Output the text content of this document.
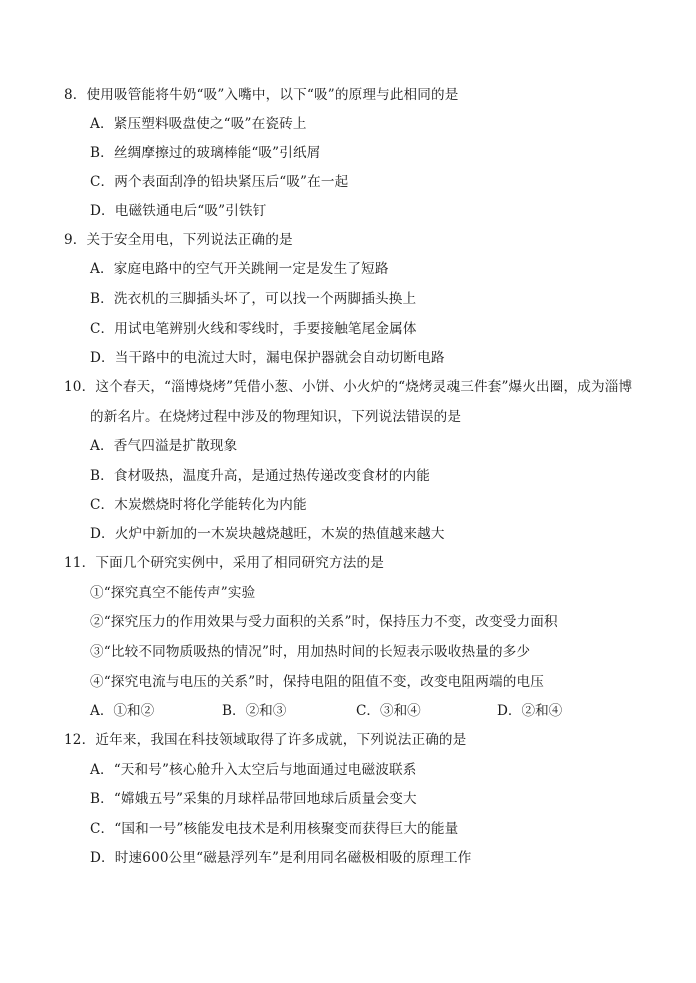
8．使用吸管能将牛奶“吸”入嘴中，以下“吸”的原理与此相同的是
A．紧压塑料吸盘使之“吸”在瓷砖上
B．丝绸摩擦过的玻璃棒能“吸”引纸屑
C．两个表面刮净的铅块紧压后“吸”在一起
D．电磁铁通电后“吸”引铁钉
9．关于安全用电，下列说法正确的是
A．家庭电路中的空气开关跳闸一定是发生了短路
B．洗衣机的三脚插头坏了，可以找一个两脚插头换上
C．用试电笔辨别火线和零线时，手要接触笔尾金属体
D．当干路中的电流过大时，漏电保护器就会自动切断电路
10．这个春天，“淄博烧烤”凭借小葱、小饼、小火炉的“烧烤灵魂三件套”爆火出圈，成为淄博
的新名片。在烧烤过程中涉及的物理知识，下列说法错误的是
A．香气四溢是扩散现象
B．食材吸热，温度升高，是通过热传递改变食材的内能
C．木炭燃烧时将化学能转化为内能
D．火炉中新加的一木炭块越烧越旺，木炭的热值越来越大
11．下面几个研究实例中，采用了相同研究方法的是
①“探究真空不能传声”实验
②“探究压力的作用效果与受力面积的关系”时，保持压力不变，改变受力面积
③“比较不同物质吸热的情况”时，用加热时间的长短表示吸收热量的多少
④“探究电流与电压的关系”时，保持电阻的阻值不变，改变电阻两端的电压
A．①和②	B．②和③	C．③和④	D．②和④
12．近年来，我国在科技领域取得了许多成就，下列说法正确的是
A．“天和号”核心舱升入太空后与地面通过电磁波联系
B．“嫦娥五号”采集的月球样品带回地球后质量会变大
C．“国和一号”核能发电技术是利用核聚变而获得巨大的能量
D．时速600公里“磁悬浮列车”是利用同名磁极相吸的原理工作
